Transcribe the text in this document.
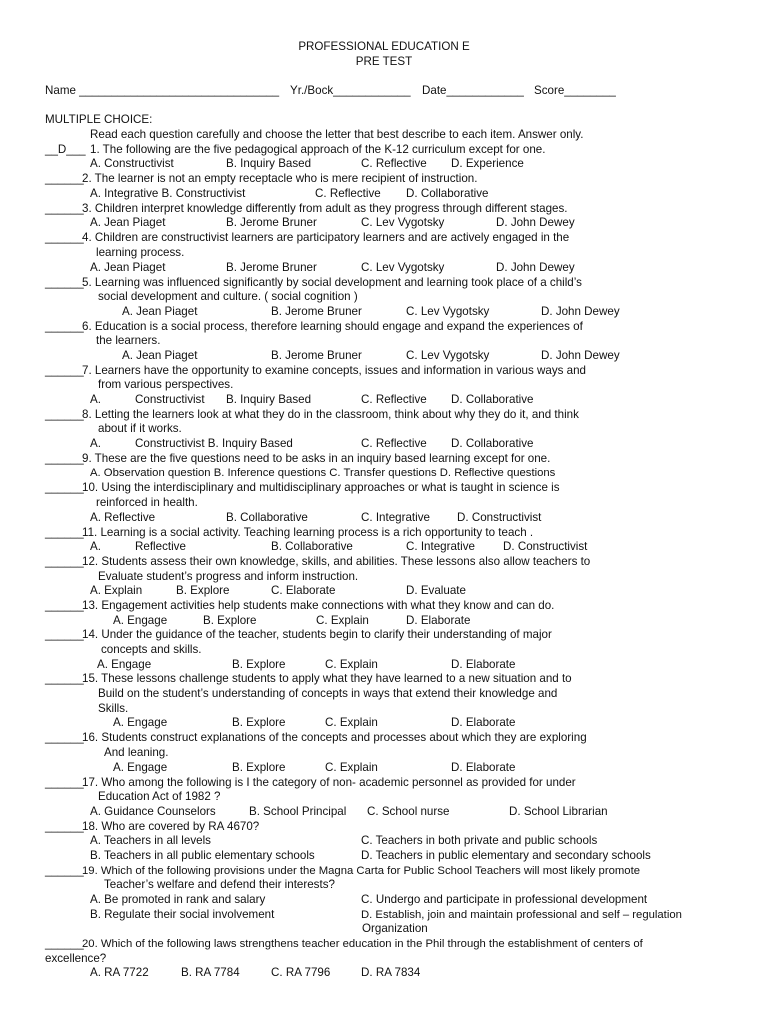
PROFESSIONAL EDUCATION E
PRE TEST
Name _______________________________ Yr./Bock____________ Date____________ Score________
MULTIPLE CHOICE:
Read each question carefully and choose the letter that best describe to each item. Answer only.
__D___ 1. The following are the five pedagogical approach of the K-12 curriculum except for one.
A. Constructivist	B. Inquiry Based	C. Reflective D. Experience
______
2. The learner is not an empty receptacle who is mere recipient of instruction.
A. Integrative B. Constructivist	C. Reflective D. Collaborative
______
3. Children interpret knowledge differently from adult as they progress through different stages.
A. Jean Piaget	B. Jerome Bruner	C. Lev Vygotsky	D. John Dewey
______
4. Children are constructivist learners are participatory learners and are actively engaged in the
learning process.
A. Jean Piaget	B. Jerome Bruner	C. Lev Vygotsky	D. John Dewey
______
5. Learning was influenced significantly by social development and learning took place of a child’s
social development and culture. ( social cognition )
A. Jean Piaget	B. Jerome Bruner	C. Lev Vygotsky	D. John Dewey
______
6. Education is a social process, therefore learning should engage and expand the experiences of
the learners.
A. Jean Piaget	B. Jerome Bruner	C. Lev Vygotsky	D. John Dewey
______
7. Learners have the opportunity to examine concepts, issues and information in various ways and
from various perspectives.
A.	Constructivist B. Inquiry Based	C. Reflective D. Collaborative
______
8. Letting the learners look at what they do in the classroom, think about why they do it, and think
about if it works.
A.	Constructivist B. Inquiry Based	C. Reflective D. Collaborative
______
9. These are the five questions need to be asks in an inquiry based learning except for one.
A. Observation question B. Inference questions C. Transfer questions D. Reflective questions
______
10. Using the interdisciplinary and multidisciplinary approaches or what is taught in science is
reinforced in health.
A. Reflective	B. Collaborative	C. Integrative D. Constructivist
______
11. Learning is a social activity. Teaching learning process is a rich opportunity to teach .
A.	Reflective	B. Collaborative	C. Integrative D. Constructivist
______
12. Students assess their own knowledge, skills, and abilities. These lessons also allow teachers to
Evaluate student’s progress and inform instruction.
A. Explain	B. Explore	C. Elaborate	D. Evaluate
______
13. Engagement activities help students make connections with what they know and can do.
A. Engage	B. Explore	C. Explain	D. Elaborate
______
14. Under the guidance of the teacher, students begin to clarify their understanding of major
concepts and skills.
A. Engage	B. Explore	C. Explain	D. Elaborate
______
15. These lessons challenge students to apply what they have learned to a new situation and to
Build on the student’s understanding of concepts in ways that extend their knowledge and
Skills.
A. Engage	B. Explore	C. Explain	D. Elaborate
______
16. Students construct explanations of the concepts and processes about which they are exploring
And leaning.
A. Engage	B. Explore	C. Explain	D. Elaborate
______
17. Who among the following is I the category of non- academic personnel as provided for under
Education Act of 1982 ?
A. Guidance Counselors	B. School Principal C. School nurse	D. School Librarian
______
18. Who are covered by RA 4670?
A. Teachers in all levels	C. Teachers in both private and public schools
B. Teachers in all public elementary schools	D. Teachers in public elementary and secondary schools
______
19. Which of the following provisions under the Magna Carta for Public School Teachers will most likely promote
Teacher’s welfare and defend their interests?
A. Be promoted in rank and salary	C. Undergo and participate in professional development
B. Regulate their social involvement	D. Establish, join and maintain professional and self – regulation
Organization
______
20. Which of the following laws strengthens teacher education in the Phil through the establishment of centers of
excellence?
A. RA 7722	B. RA 7784	C. RA 7796	D. RA 7834
